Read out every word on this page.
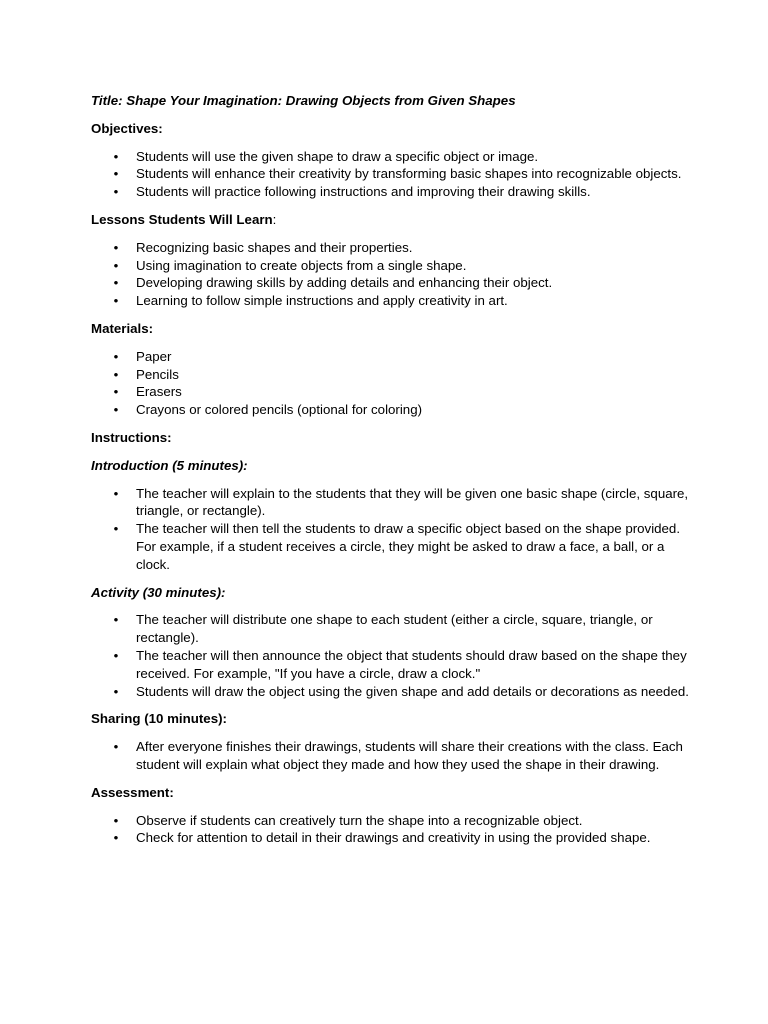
Title: Shape Your Imagination: Drawing Objects from Given Shapes
Objectives:
• Students will use the given shape to draw a specific object or image.
• Students will enhance their creativity by transforming basic shapes into recognizable objects.
• Students will practice following instructions and improving their drawing skills.
Lessons Students Will Learn:
• Recognizing basic shapes and their properties.
• Using imagination to create objects from a single shape.
• Developing drawing skills by adding details and enhancing their object.
• Learning to follow simple instructions and apply creativity in art.
Materials:
• Paper
• Pencils
• Erasers
• Crayons or colored pencils (optional for coloring)
Instructions:
Introduction (5 minutes):
• The teacher will explain to the students that they will be given one basic shape (circle, square, triangle, or rectangle).
• The teacher will then tell the students to draw a specific object based on the shape provided. For example, if a student receives a circle, they might be asked to draw a face, a ball, or a clock.
Activity (30 minutes):
• The teacher will distribute one shape to each student (either a circle, square, triangle, or rectangle).
• The teacher will then announce the object that students should draw based on the shape they received. For example, "If you have a circle, draw a clock."
• Students will draw the object using the given shape and add details or decorations as needed.
Sharing (10 minutes):
• After everyone finishes their drawings, students will share their creations with the class. Each student will explain what object they made and how they used the shape in their drawing.
Assessment:
• Observe if students can creatively turn the shape into a recognizable object.
• Check for attention to detail in their drawings and creativity in using the provided shape.
